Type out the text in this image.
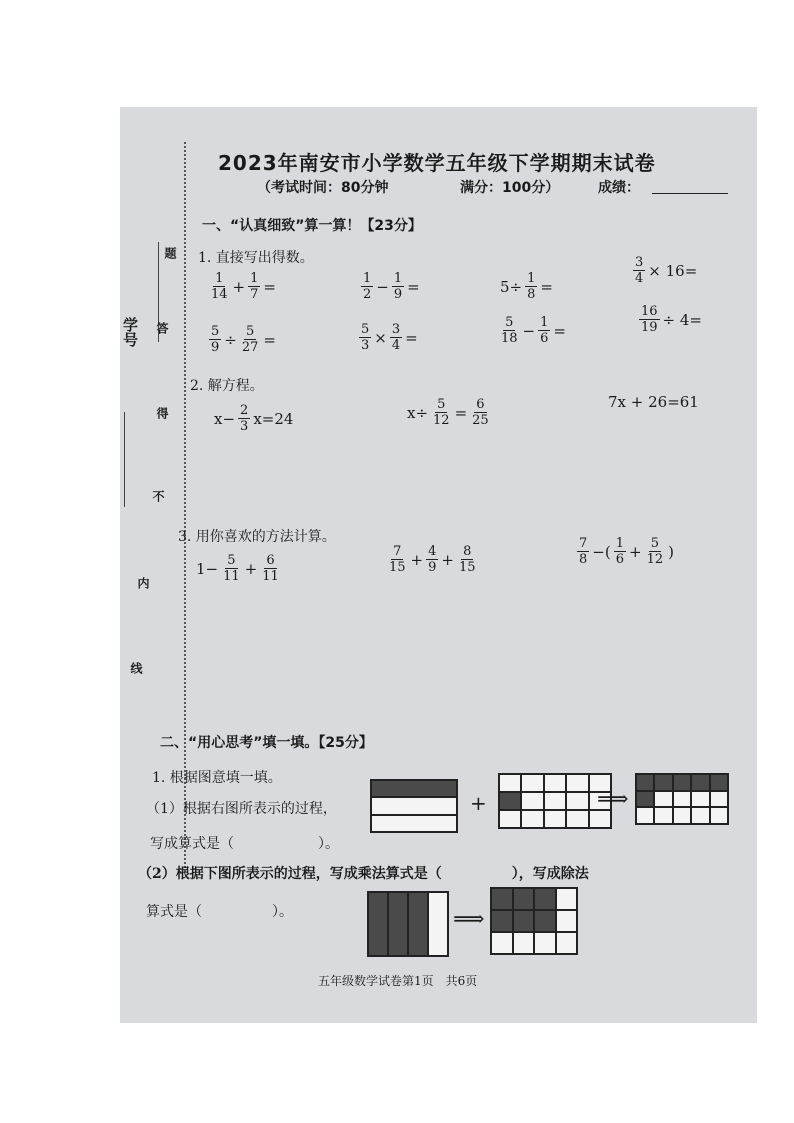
学号
题
答
得
不
内
线
2023年南安市小学数学五年级下学期期末试卷
（考试时间：80分钟	满分：100分）	成绩：
一、“认真细致”算一算！【23分】
1. 直接写出得数。
$\frac{1}{14} + \frac{1}{7}$ =	$\frac{1}{2} - \frac{1}{9}$ =	$5\div \frac{1}{8}$ =
$\frac{3}{4} \times 16=$
$\frac{5}{9} \div \frac{5}{27}$ =	$\frac{5}{3} \times \frac{3}{4}$ =	$\frac{5}{18} - \frac{1}{6}$ =	$\frac{16}{19} \div 4=$
2. 解方程。
$x- \frac{2}{3} x=24$	$x\div \frac{5}{12} = \frac{6}{25}$	7x + 26=61
3. 用你喜欢的方法计算。
$1- \frac{5}{11} + \frac{6}{11}$	$\frac{7}{15} + \frac{4}{9} + \frac{8}{15}$	$\frac{7}{8}$ −( $\frac{1}{6} + \frac{5}{12}$ )
二、“用心思考”填一填。【25分】
1. 根据图意填一填。
（1）根据右图所表示的过程，
写成算式是（　　　　　　）。
（2）根据下图所表示的过程，写成乘法算式是（　　　　　），写成除法
算式是（　　　　　）。
+	⟹
⟹
五年级数学试卷第1页　共6页
